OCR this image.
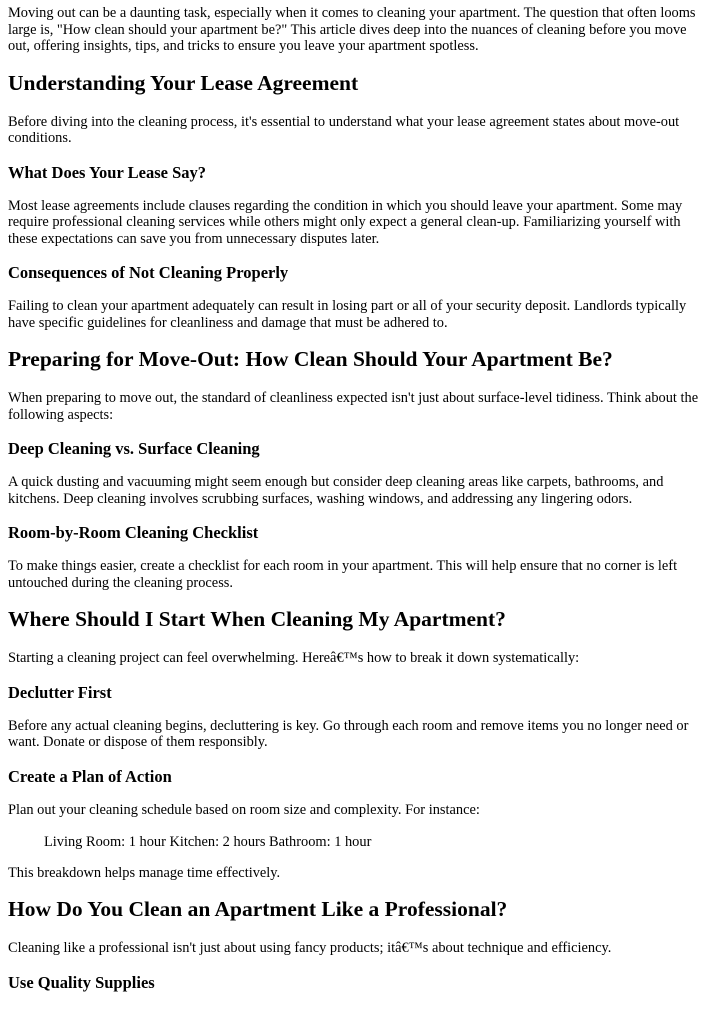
Moving out can be a daunting task, especially when it comes to cleaning your apartment. The question that often looms large is, "How clean should your apartment be?" This article dives deep into the nuances of cleaning before you move out, offering insights, tips, and tricks to ensure you leave your apartment spotless.

Understanding Your Lease Agreement

Before diving into the cleaning process, it's essential to understand what your lease agreement states about move-out conditions.

What Does Your Lease Say?

Most lease agreements include clauses regarding the condition in which you should leave your apartment. Some may require professional cleaning services while others might only expect a general clean-up. Familiarizing yourself with these expectations can save you from unnecessary disputes later.

Consequences of Not Cleaning Properly

Failing to clean your apartment adequately can result in losing part or all of your security deposit. Landlords typically have specific guidelines for cleanliness and damage that must be adhered to.

Preparing for Move-Out: How Clean Should Your Apartment Be?

When preparing to move out, the standard of cleanliness expected isn't just about surface-level tidiness. Think about the following aspects:

Deep Cleaning vs. Surface Cleaning

A quick dusting and vacuuming might seem enough but consider deep cleaning areas like carpets, bathrooms, and kitchens. Deep cleaning involves scrubbing surfaces, washing windows, and addressing any lingering odors.

Room-by-Room Cleaning Checklist

To make things easier, create a checklist for each room in your apartment. This will help ensure that no corner is left untouched during the cleaning process.

Where Should I Start When Cleaning My Apartment?

Starting a cleaning project can feel overwhelming. Hereâ€™s how to break it down systematically:

Declutter First

Before any actual cleaning begins, decluttering is key. Go through each room and remove items you no longer need or want. Donate or dispose of them responsibly.

Create a Plan of Action

Plan out your cleaning schedule based on room size and complexity. For instance:

Living Room: 1 hour Kitchen: 2 hours Bathroom: 1 hour

This breakdown helps manage time effectively.

How Do You Clean an Apartment Like a Professional?

Cleaning like a professional isn't just about using fancy products; itâ€™s about technique and efficiency.

Use Quality Supplies
